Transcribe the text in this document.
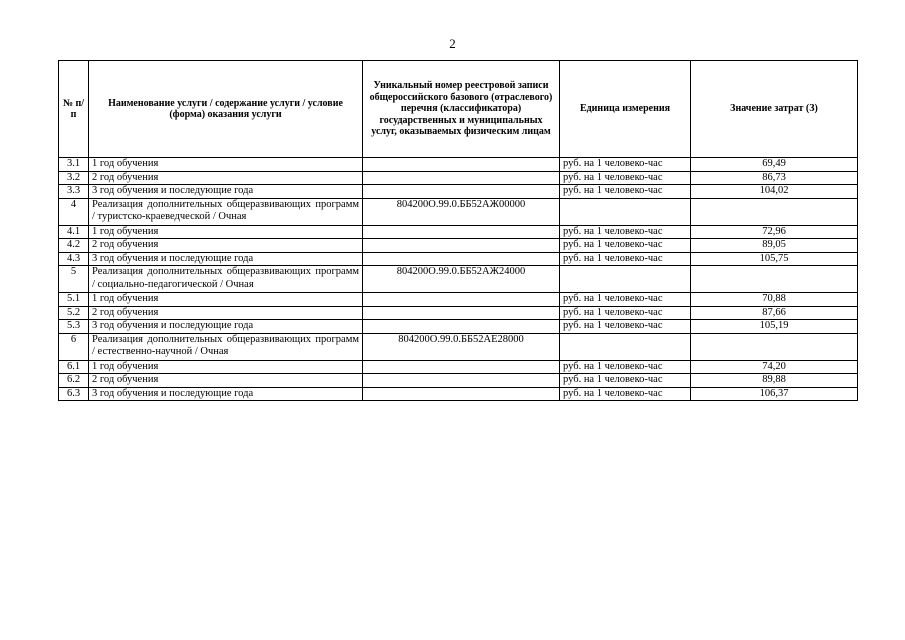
2
№ п/п	Наименование услуги / содержание услуги / условие (форма) оказания услуги	Уникальный номер реестровой записи общероссийского базового (отраслевого) перечня (классификатора) государственных и муниципальных услуг, оказываемых физическим лицам	Единица измерения	Значение затрат (З)
3.1	1 год обучения		руб. на 1 человеко-час	69,49
3.2	2 год обучения		руб. на 1 человеко-час	86,73
3.3	3 год обучения и последующие года		руб. на 1 человеко-час	104,02
4	Реализация дополнительных общеразвивающих программ / туристско-краеведческой / Очная	804200О.99.0.ББ52АЖ00000		
4.1	1 год обучения		руб. на 1 человеко-час	72,96
4.2	2 год обучения		руб. на 1 человеко-час	89,05
4.3	3 год обучения и последующие года		руб. на 1 человеко-час	105,75
5	Реализация дополнительных общеразвивающих программ / социально-педагогической / Очная	804200О.99.0.ББ52АЖ24000		
5.1	1 год обучения		руб. на 1 человеко-час	70,88
5.2	2 год обучения		руб. на 1 человеко-час	87,66
5.3	3 год обучения и последующие года		руб. на 1 человеко-час	105,19
6	Реализация дополнительных общеразвивающих программ / естественно-научной / Очная	804200О.99.0.ББ52АЕ28000		
6.1	1 год обучения		руб. на 1 человеко-час	74,20
6.2	2 год обучения		руб. на 1 человеко-час	89,88
6.3	3 год обучения и последующие года		руб. на 1 человеко-час	106,37
